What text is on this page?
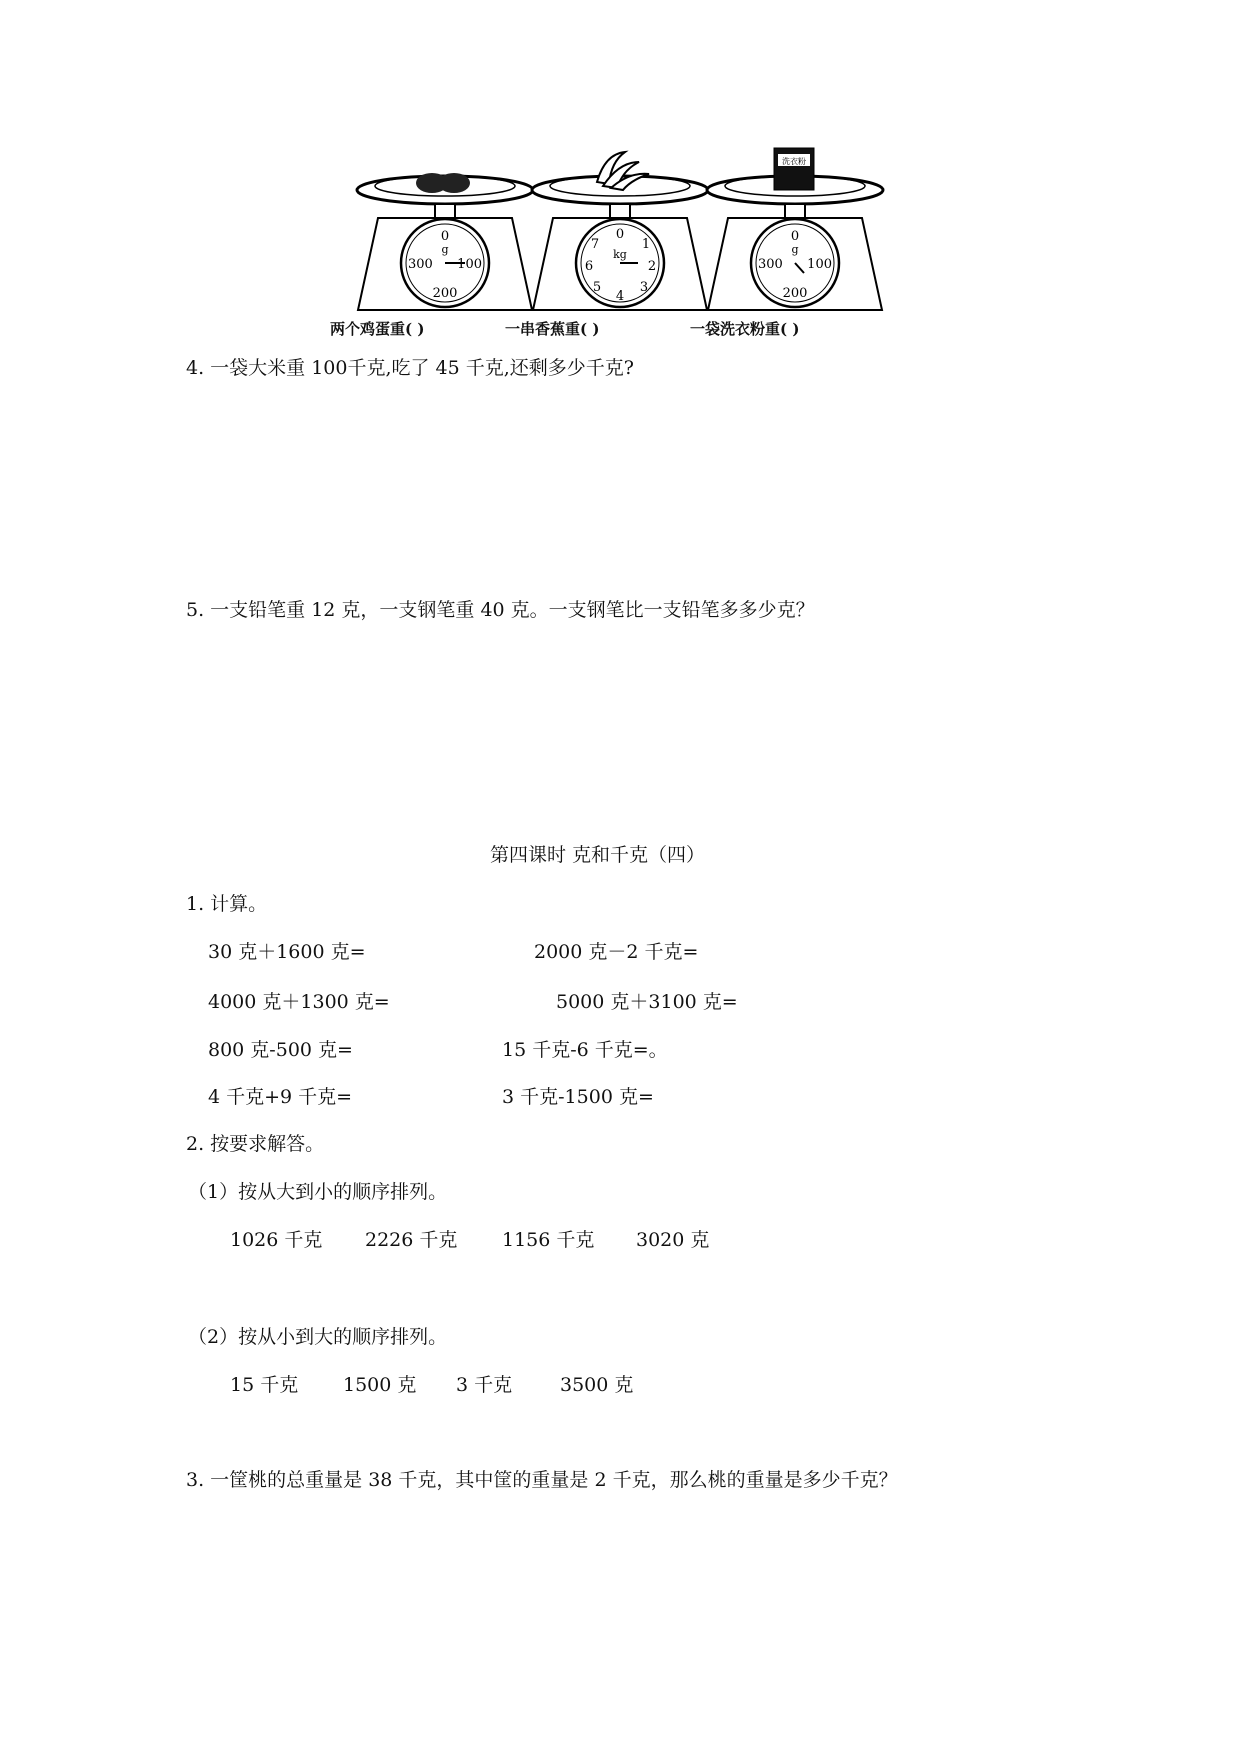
0
g
300 100
200
两个鸡蛋重( )
0
1
2
3
4
5
6
7
kg
一串香蕉重( )
洗衣粉
0
g
300 100
200
一袋洗衣粉重( )
4. 一袋大米重 100千克,吃了 45 千克,还剩多少千克?
5. 一支铅笔重 12 克，一支钢笔重 40 克。一支钢笔比一支铅笔多多少克？
第四课时 克和千克（四）
1. 计算。
30 克＋1600 克=	2000 克－2 千克=
4000 克＋1300 克=	5000 克＋3100 克=
800 克-500 克=	15 千克-6 千克=。
4 千克+9 千克=	3 千克-1500 克=
2. 按要求解答。
（1）按从大到小的顺序排列。
1026 千克 2226 千克 1156 千克 3020 克
（2）按从小到大的顺序排列。
15 千克 1500 克 3 千克	3500 克
3. 一筐桃的总重量是 38 千克，其中筐的重量是 2 千克，那么桃的重量是多少千克？
